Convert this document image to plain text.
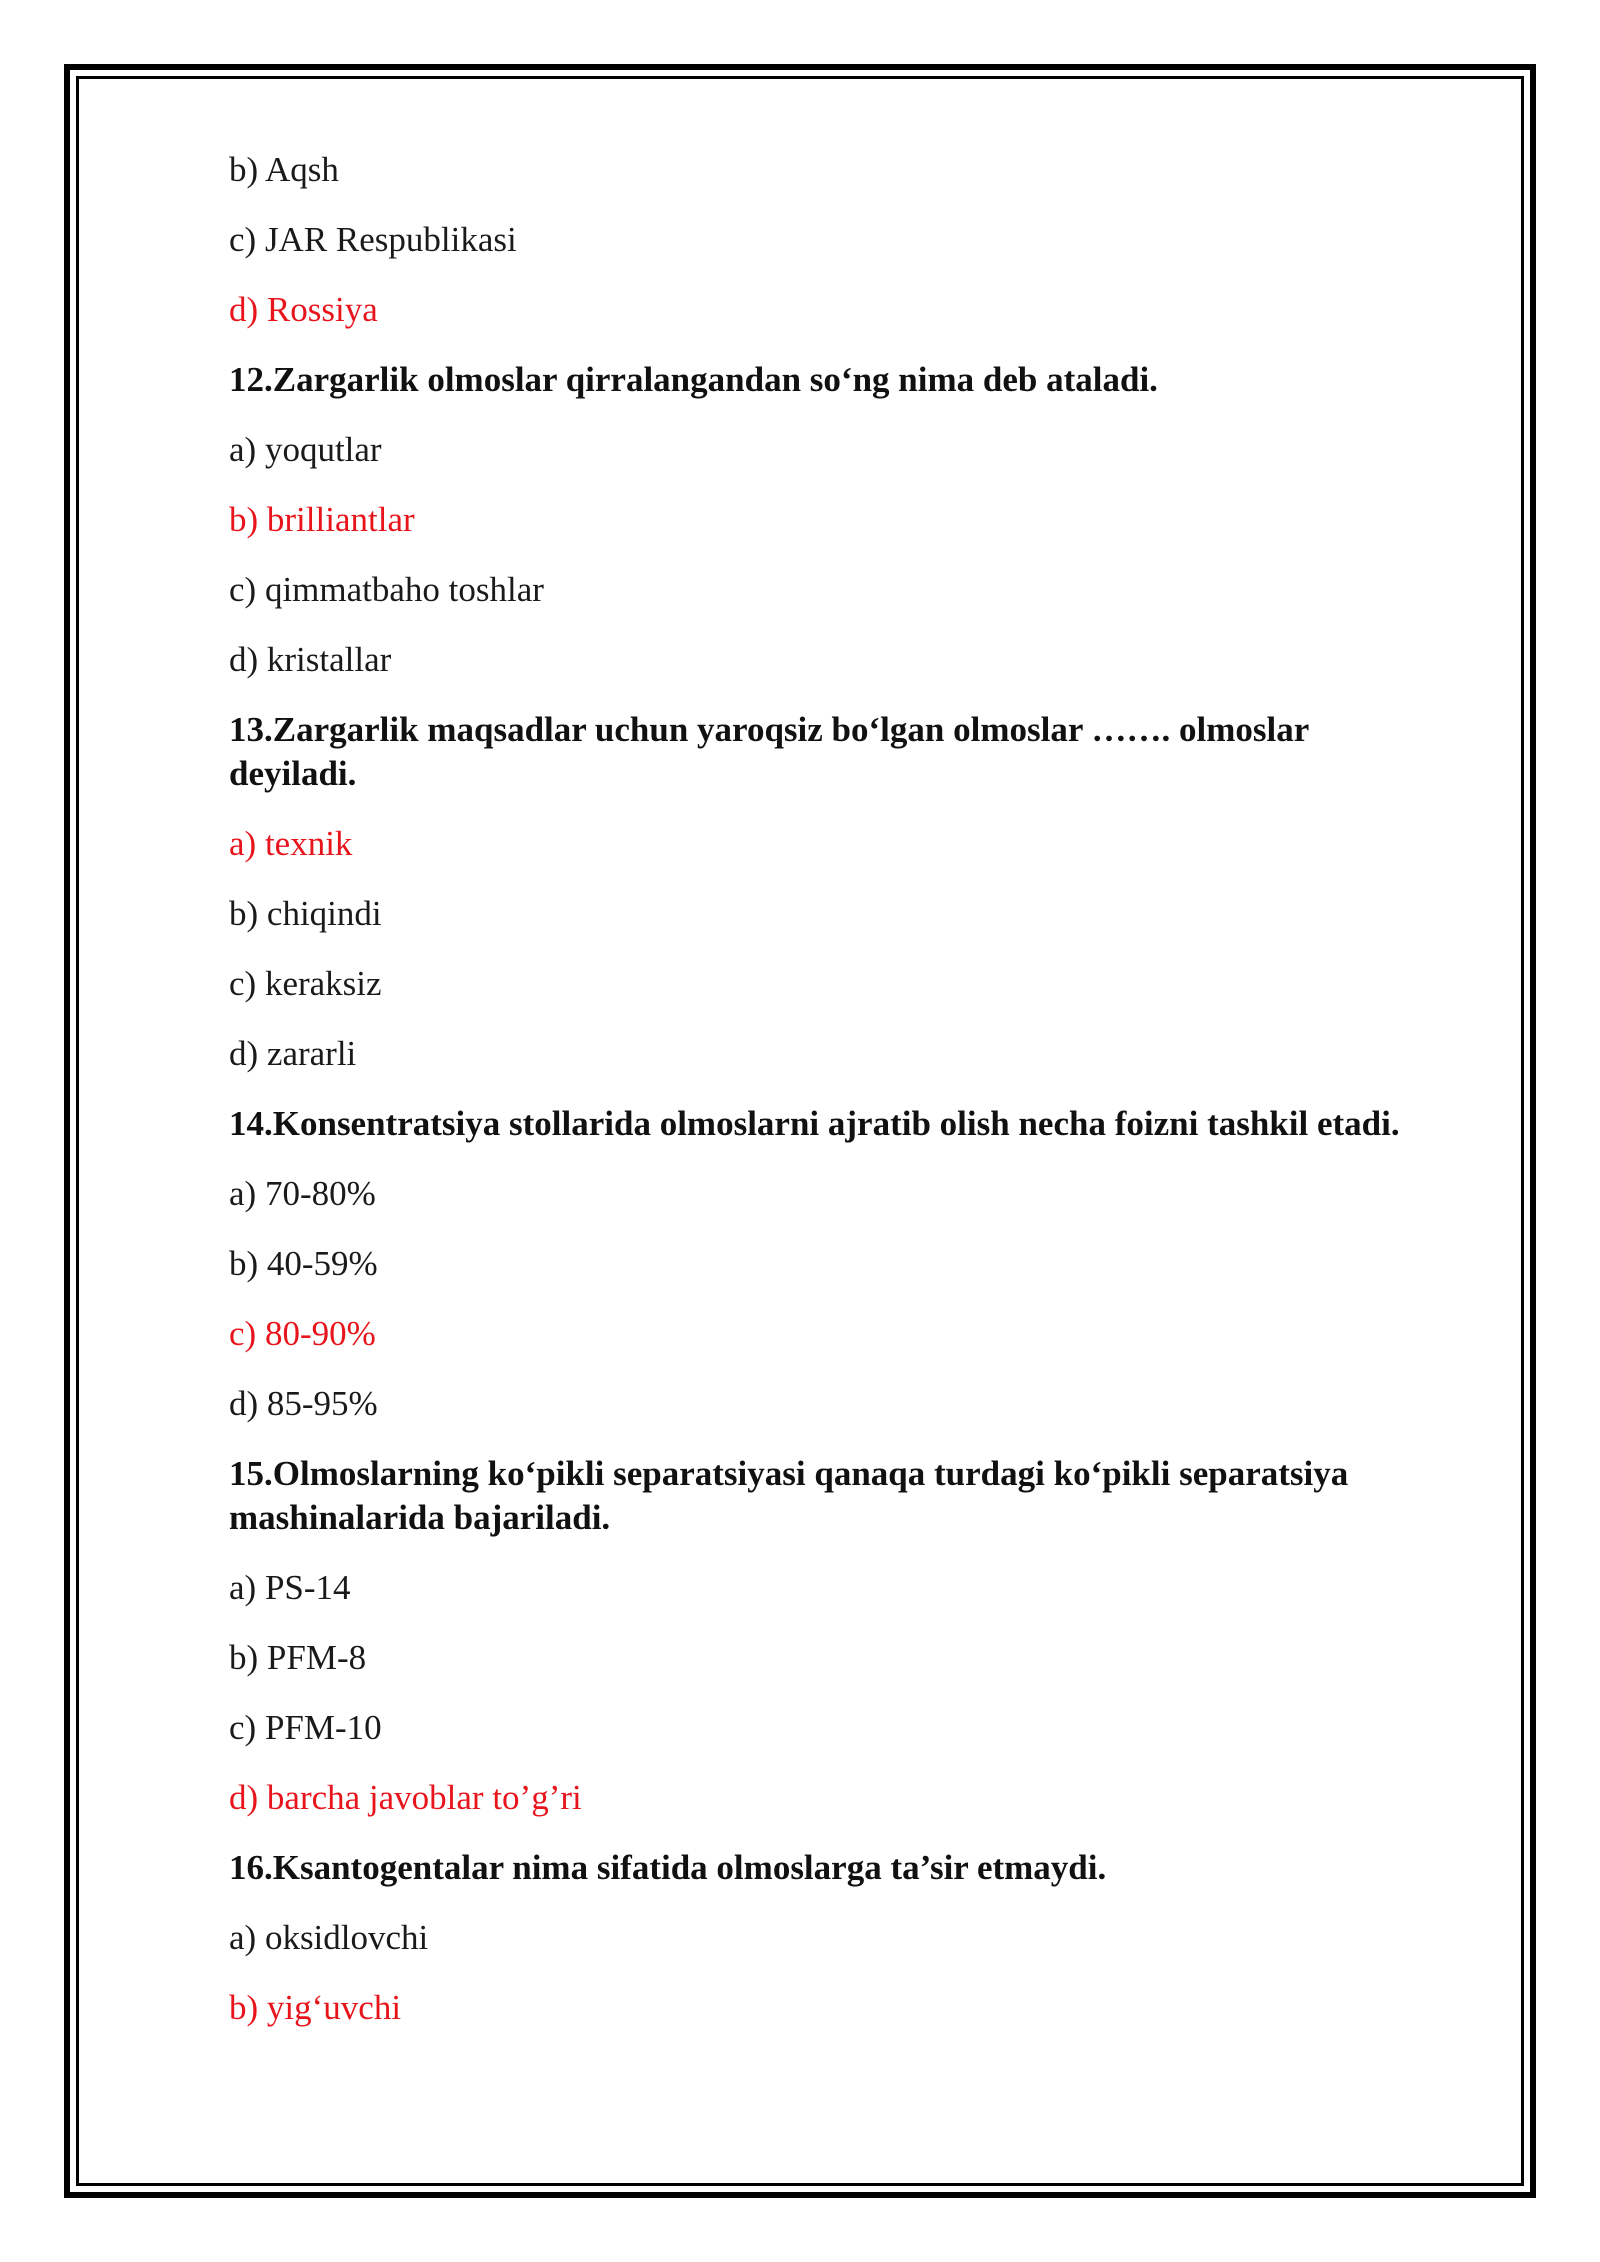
b) Aqsh

c) JAR Respublikasi

d) Rossiya

12.Zargarlik olmoslar qirralangandan so‘ng nima deb ataladi.

a) yoqutlar

b) brilliantlar

c) qimmatbaho toshlar

d) kristallar

13.Zargarlik maqsadlar uchun yaroqsiz bo‘lgan olmoslar ……. olmoslar deyiladi.

a) texnik

b) chiqindi

c) keraksiz

d) zararli

14.Konsentratsiya stollarida olmoslarni ajratib olish necha foizni tashkil etadi.

a) 70-80%

b) 40-59%

c) 80-90%

d) 85-95%

15.Olmoslarning ko‘pikli separatsiyasi qanaqa turdagi ko‘pikli separatsiya mashinalarida bajariladi.

a) PS-14

b) PFM-8

c) PFM-10

d) barcha javoblar to’g’ri

16.Ksantogentalar nima sifatida olmoslarga ta’sir etmaydi.

a) oksidlovchi

b) yig‘uvchi
